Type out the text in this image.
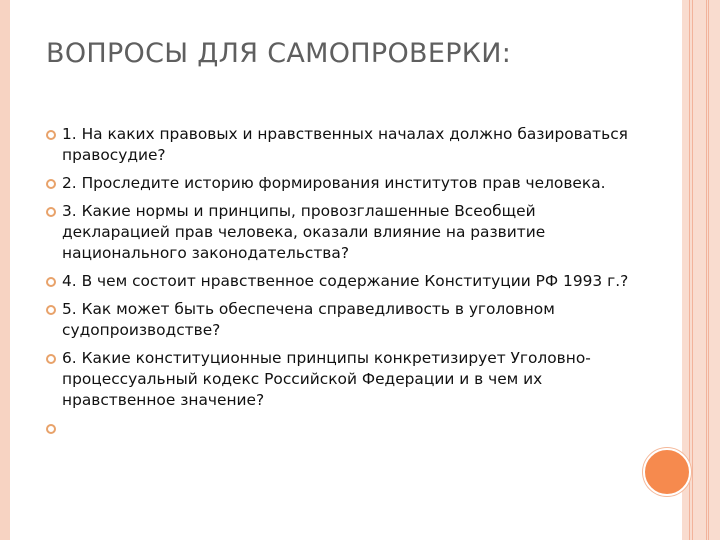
ВОПРОСЫ ДЛЯ САМОПРОВЕРКИ:
1. На каких правовых и нравственных началах должно базироваться правосудие?
2. Проследите историю формирования институтов прав человека.
3. Какие нормы и принципы, провозглашенные Всеобщей декларацией прав человека, оказали влияние на развитие национального законодательства?
4. В чем состоит нравственное содержание Конституции РФ 1993 г.?
5. Как может быть обеспечена справедливость в уголовном судопроизводстве?
6. Какие конституционные принципы конкретизирует Уголовно-процессуальный кодекс Российской Федерации и в чем их нравственное значение?
